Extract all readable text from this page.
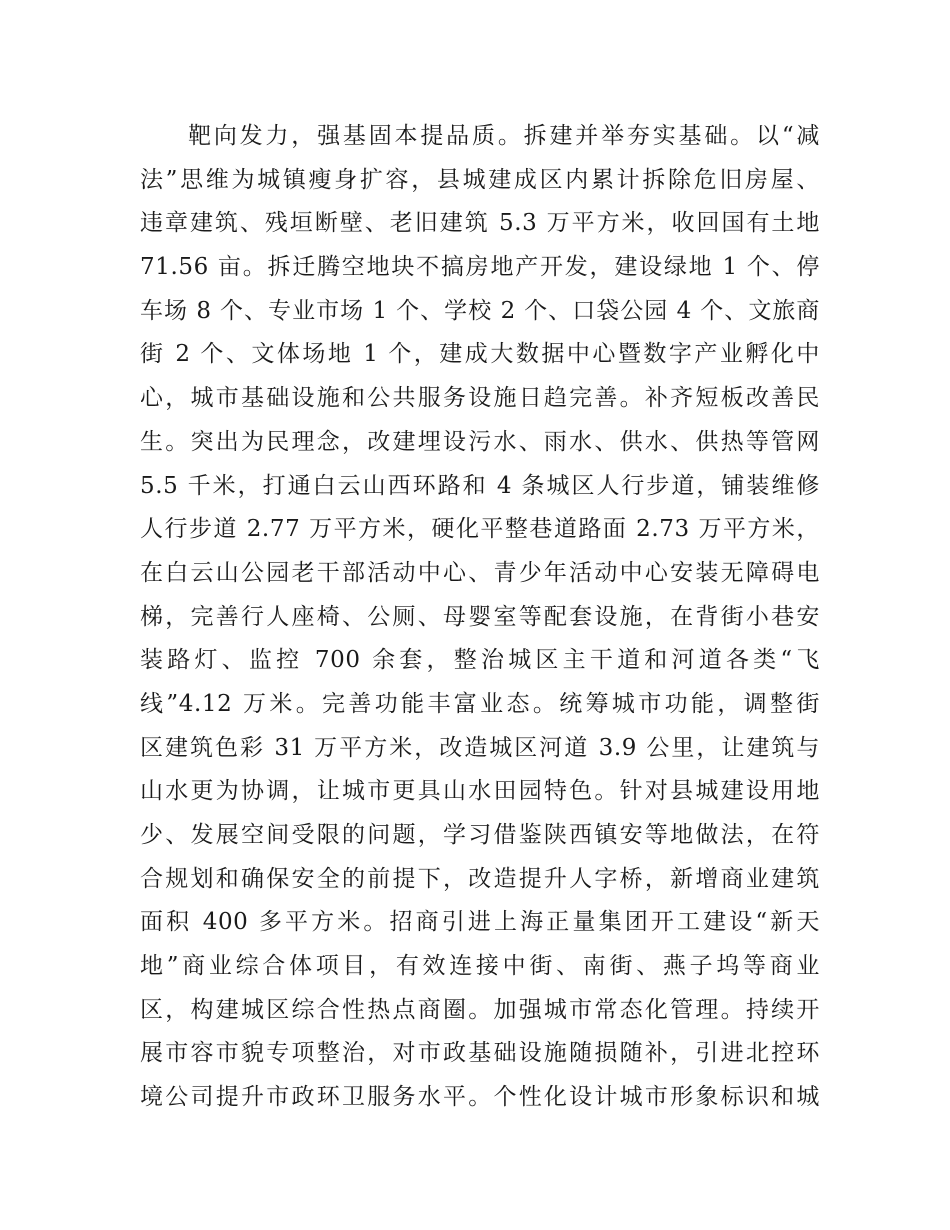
靶向发力，强基固本提品质。拆建并举夯实基础。以“减
法”思维为城镇瘦身扩容，县城建成区内累计拆除危旧房屋、
违章建筑、残垣断壁、老旧建筑 5.3 万平方米，收回国有土地
71.56 亩。拆迁腾空地块不搞房地产开发，建设绿地 1 个、停
车场 8 个、专业市场 1 个、学校 2 个、口袋公园 4 个、文旅商
街 2 个、文体场地 1 个，建成大数据中心暨数字产业孵化中
心，城市基础设施和公共服务设施日趋完善。补齐短板改善民
生。突出为民理念，改建埋设污水、雨水、供水、供热等管网
5.5 千米，打通白云山西环路和 4 条城区人行步道，铺装维修
人行步道 2.77 万平方米，硬化平整巷道路面 2.73 万平方米，
在白云山公园老干部活动中心、青少年活动中心安装无障碍电
梯，完善行人座椅、公厕、母婴室等配套设施，在背街小巷安
装路灯、监控 700 余套，整治城区主干道和河道各类“飞
线”4.12 万米。完善功能丰富业态。统筹城市功能，调整街
区建筑色彩 31 万平方米，改造城区河道 3.9 公里，让建筑与
山水更为协调，让城市更具山水田园特色。针对县城建设用地
少、发展空间受限的问题，学习借鉴陕西镇安等地做法，在符
合规划和确保安全的前提下，改造提升人字桥，新增商业建筑
面积 400 多平方米。招商引进上海正量集团开工建设“新天
地”商业综合体项目，有效连接中街、南街、燕子坞等商业
区，构建城区综合性热点商圈。加强城市常态化管理。持续开
展市容市貌专项整治，对市政基础设施随损随补，引进北控环
境公司提升市政环卫服务水平。个性化设计城市形象标识和城
